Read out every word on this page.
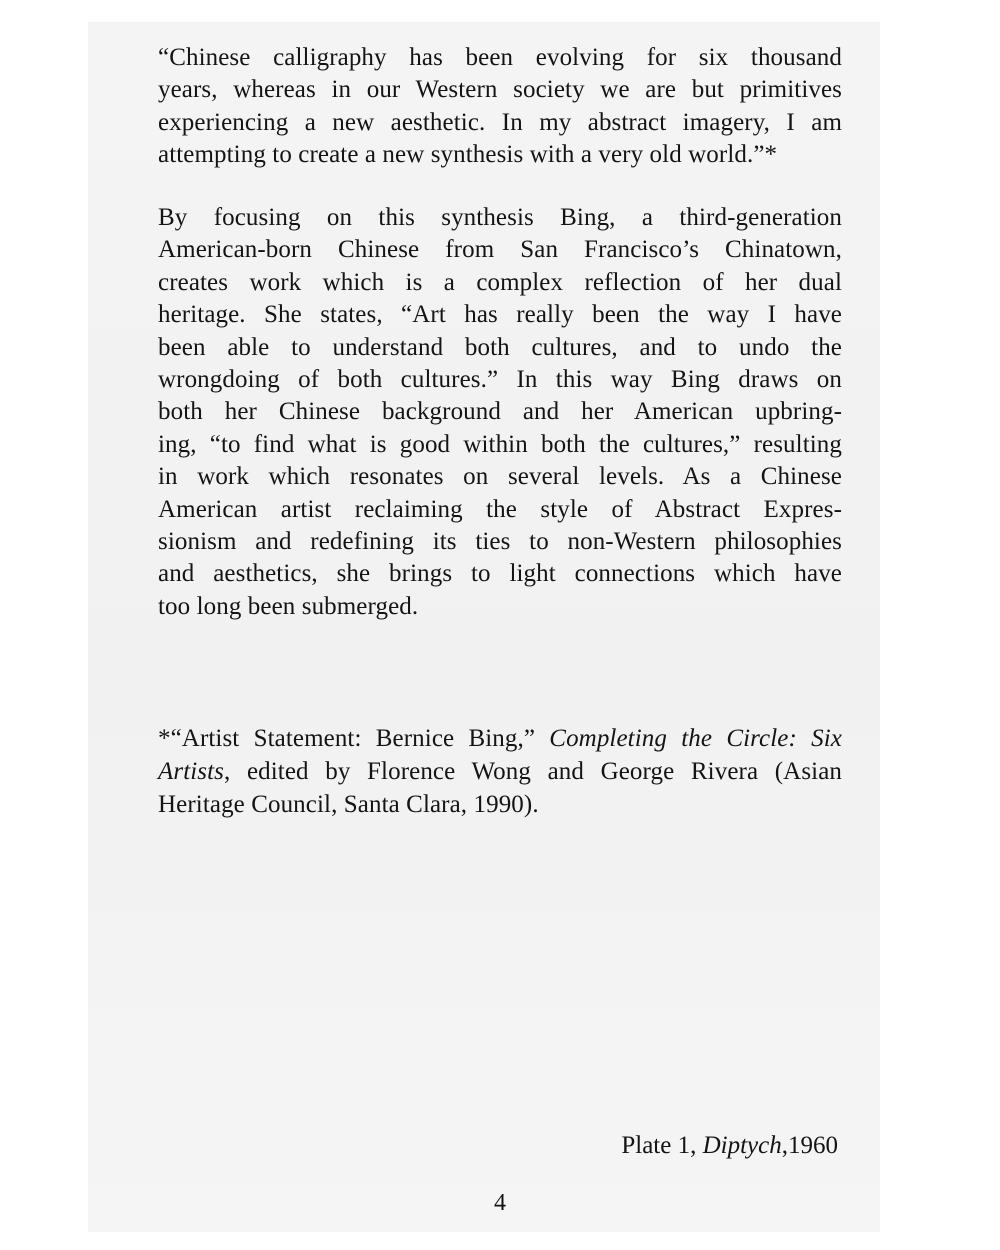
“Chinese calligraphy has been evolving for six thousand
years, whereas in our Western society we are but primitives
experiencing a new aesthetic. In my abstract imagery, I am
attempting to create a new synthesis with a very old world.”*
By focusing on this synthesis Bing, a third-generation
American-born Chinese from San Francisco’s Chinatown,
creates work which is a complex reflection of her dual
heritage. She states, “Art has really been the way I have
been able to understand both cultures, and to undo the
wrongdoing of both cultures.” In this way Bing draws on
both her Chinese background and her American upbring-
ing, “to find what is good within both the cultures,” resulting
in work which resonates on several levels. As a Chinese
American artist reclaiming the style of Abstract Expres-
sionism and redefining its ties to non-Western philosophies
and aesthetics, she brings to light connections which have
too long been submerged.
*“Artist Statement: Bernice Bing,” Completing the Circle: Six
Artists, edited by Florence Wong and George Rivera (Asian
Heritage Council, Santa Clara, 1990).
Plate 1, Diptych,1960
4
